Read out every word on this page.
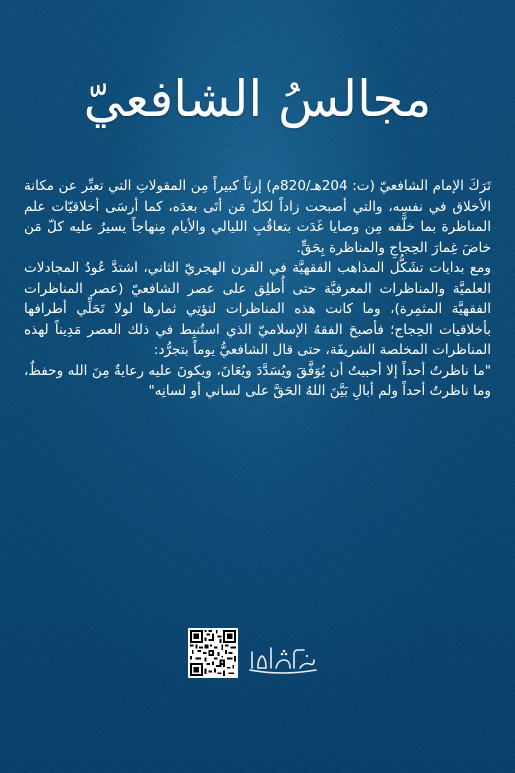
مجالسُ الشافعيّ

تَرَكَ الإمام الشافعيّ (ت: 204هـ/820م) إرثاً كبيراً مِن المقولاتِ التي تعبِّر عن مكانة الأخلاق في نفسِه، والتي أصبحت زاداً لكلّ مَن أتَى بعدَه، كما أرسَى أخلاقيّات علم المناظرة بما خلَّفه مِن وصايا غَدَت بتعاقُبِ الليالي والأيام مِنهاجاً يسيرُ عليه كلّ مَن خاضَ غِمارَ الحِجاجِ والمناظرة بِحَقٍّ.

ومع بدايات تشَكُّل المذاهب الفقهيَّة في القرن الهجريّ الثاني، اشتدَّ عُودُ المجادلات العلميَّة والمناظرات المعرفيَّة حتى أُطلِق على عصر الشافعيّ (عصر المناظرات الفقهيَّة المثمِرة)، وما كانت هذه المناظرات لتؤتِي ثمارها لولا تَحَلِّي أطرافها بأخلاقيات الحِجاج؛ فأصبحَ الفقهُ الإسلاميّ الذي استُنبِط في ذلك العصر مَدِيناً لهذه المناظرات المخلصة الشريفَة، حتى قال الشافعيُّ يوماً بتجرُّد:

"ما ناظرتُ أحداً إلا أحببتُ أن يُوَفَّقَ ويُسَدَّدَ ويُعَانَ، ويكونَ عليه رعايةٌ مِنَ الله وحفظٌ، وما ناظرتُ أحداً ولم أبالِ بَيَّنَ اللهُ الحَقَّ على لساني أو لسانِه"
